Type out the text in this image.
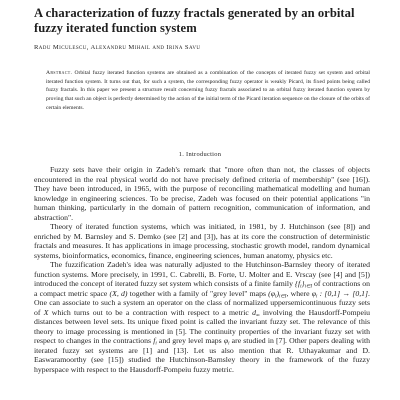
A characterization of fuzzy fractals generated by an orbital
fuzzy iterated function system
Radu Miculescu, Alexandru Mihail and Irina Savu
Abstract. Orbital fuzzy iterated function systems are obtained as a combination of the concepts of iterated fuzzy set system and orbital iterated function system. It turns out that, for such a system, the corresponding fuzzy operator is weakly Picard, its fixed points being called fuzzy fractals. In this paper we present a structure result concerning fuzzy fractals associated to an orbital fuzzy iterated function system by proving that such an object is perfectly determined by the action of the initial term of the Picard iteration sequence on the closure of the orbits of certain elements.
1. Introduction

Fuzzy sets have their origin in Zadeh's remark that "more often than not, the classes of objects encountered in the real physical world do not have precisely defined criteria of membership" (see [16]). They have been introduced, in 1965, with the purpose of reconciling mathematical modelling and human knowledge in engineering sciences. To be precise, Zadeh was focused on their potential applications "in human thinking, particularly in the domain of pattern recognition, communication of information, and abstraction".

Theory of iterated function systems, which was initiated, in 1981, by J. Hutchinson (see [8]) and enriched by M. Barnsley and S. Demko (see [2] and [3]), has at its core the construction of deterministic fractals and measures. It has applications in image processing, stochastic growth model, random dynamical systems, bioinformatics, economics, finance, engineering sciences, human anatomy, physics etc.

The fuzzification Zadeh's idea was naturally adjusted to the Hutchinson-Barnsley theory of iterated function systems. More precisely, in 1991, C. Cabrelli, B. Forte, U. Molter and E. Vrscay (see [4] and [5]) introduced the concept of iterated fuzzy set system which consists of a finite family $\{f_i\}_{i\in I}$ of contractions on a compact metric space (X, d) together with a family of "grey level" maps $(\varphi_i)_{i\in I}$, where $\varphi_i$ : [0,1] → [0,1]. One can associate to such a system an operator on the class of normalized uppersemicontinuous fuzzy sets of X which turns out to be a contraction with respect to a metric $d_\infty$ involving the Hausdorff-Pompeiu distances between level sets. Its unique fixed point is called the invariant fuzzy set. The relevance of this theory to image processing is mentioned in [5]. The continuity properties of the invariant fuzzy set with respect to changes in the contractions $f_i$ and grey level maps $\varphi_i$ are studied in [7]. Other papers dealing with iterated fuzzy set systems are [1] and [13]. Let us also mention that R. Uthayakumar and D. Easwaramoorthy (see [15]) studied the Hutchinson-Barnsley theory in the framework of the fuzzy hyperspace with respect to the Hausdorff-Pompeiu fuzzy metric.
